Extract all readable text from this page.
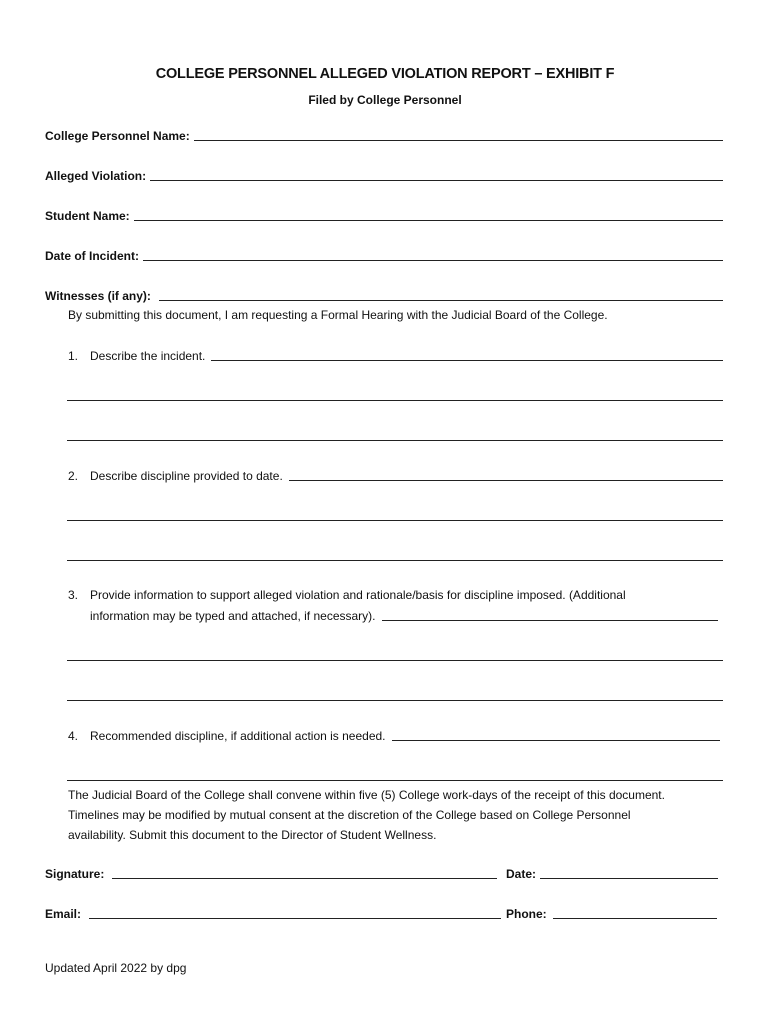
COLLEGE PERSONNEL ALLEGED VIOLATION REPORT – EXHIBIT F
Filed by College Personnel
College Personnel Name:
Alleged Violation:
Student Name:
Date of Incident:
Witnesses (if any):
By submitting this document, I am requesting a Formal Hearing with the Judicial Board of the College.
1. Describe the incident.
2. Describe discipline provided to date.
3. Provide information to support alleged violation and rationale/basis for discipline imposed. (Additional
information may be typed and attached, if necessary).
4. Recommended discipline, if additional action is needed.
The Judicial Board of the College shall convene within five (5) College work-days of the receipt of this document.
Timelines may be modified by mutual consent at the discretion of the College based on College Personnel
availability. Submit this document to the Director of Student Wellness.
Signature:	Date:
Email:	Phone:
Updated April 2022 by dpg
